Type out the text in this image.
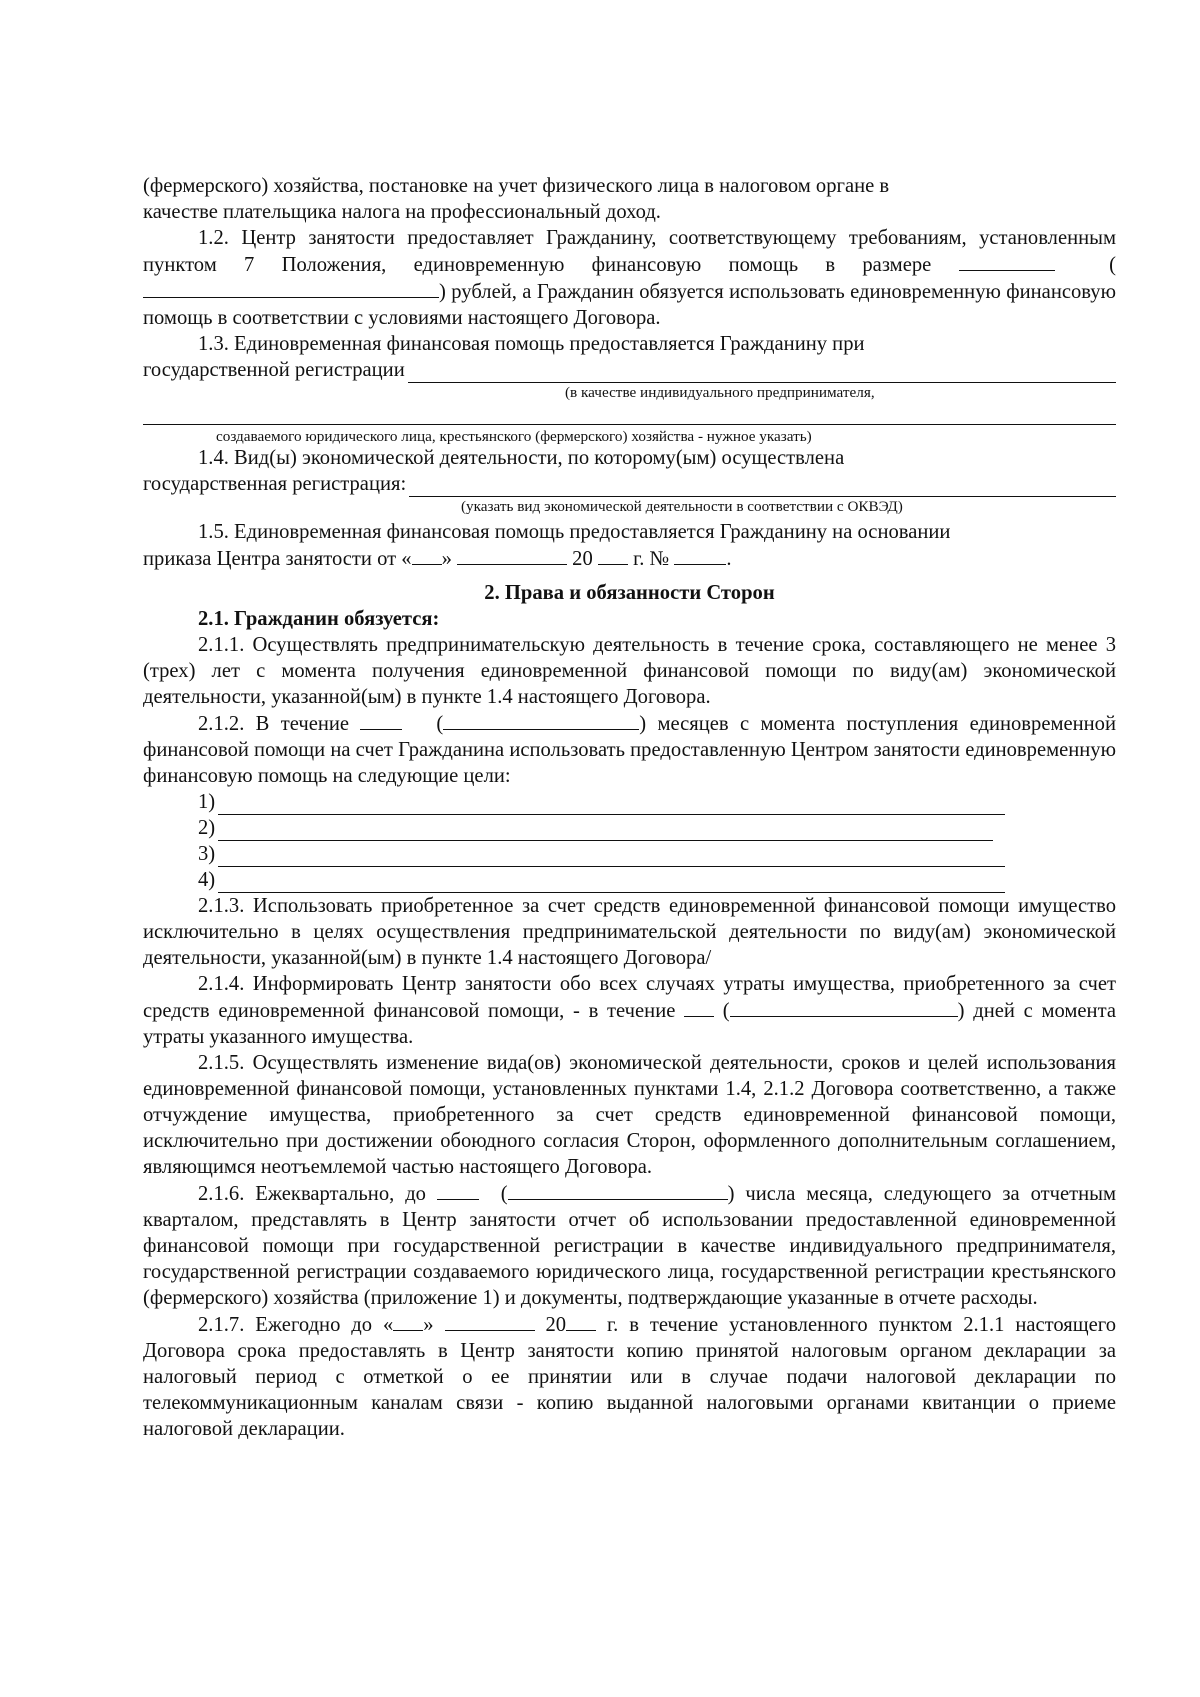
(фермерского) хозяйства, постановке на учет физического лица в налоговом органе в

качестве плательщика налога на профессиональный доход.

1.2. Центр занятости предоставляет Гражданину, соответствующему требованиям, установленным пунктом 7 Положения, единовременную финансовую помощь в размере	() рублей, а Гражданин обязуется использовать единовременную финансовую помощь в соответствии с условиями настоящего Договора.

1.3. Единовременная финансовая помощь предоставляется Гражданину при

государственной регистрации
(в качестве индивидуального предпринимателя,
создаваемого юридического лица, крестьянского (фермерского) хозяйства - нужное указать)

1.4. Вид(ы) экономической деятельности, по которому(ым) осуществлена

государственная регистрация:
(указать вид экономической деятельности в соответствии с ОКВЭД)

1.5. Единовременная финансовая помощь предоставляется Гражданину на основании

приказа Центра занятости от « »	20 г. №	.

2. Права и обязанности Сторон

2.1. Гражданин обязуется:

2.1.1. Осуществлять предпринимательскую деятельность в течение срока, составляющего не менее 3 (трех) лет с момента получения единовременной финансовой помощи по виду(ам) экономической деятельности, указанной(ым) в пункте 1.4 настоящего Договора.

2.1.2. В течение	(	) месяцев с момента поступления единовременной финансовой помощи на счет Гражданина использовать предоставленную Центром занятости единовременную финансовую помощь на следующие цели:

1)
2)
3)
4)

2.1.3. Использовать приобретенное за счет средств единовременной финансовой помощи имущество исключительно в целях осуществления предпринимательской деятельности по виду(ам) экономической деятельности, указанной(ым) в пункте 1.4 настоящего Договора/

2.1.4. Информировать Центр занятости обо всех случаях утраты имущества, приобретенного за счет средств единовременной финансовой помощи, - в течение (	) дней с момента утраты указанного имущества.

2.1.5. Осуществлять изменение вида(ов) экономической деятельности, сроков и целей использования единовременной финансовой помощи, установленных пунктами 1.4, 2.1.2 Договора соответственно, а также отчуждение имущества, приобретенного за счет средств единовременной финансовой помощи, исключительно при достижении обоюдного согласия Сторон, оформленного дополнительным соглашением, являющимся неотъемлемой частью настоящего Договора.

2.1.6. Ежеквартально, до	(	) числа месяца, следующего за отчетным кварталом, представлять в Центр занятости отчет об использовании предоставленной единовременной финансовой помощи при государственной регистрации в качестве индивидуального предпринимателя, государственной регистрации создаваемого юридического лица, государственной регистрации крестьянского (фермерского) хозяйства (приложение 1) и документы, подтверждающие указанные в отчете расходы.

2.1.7. Ежегодно до « »	20 г. в течение установленного пунктом 2.1.1 настоящего Договора срока предоставлять в Центр занятости копию принятой налоговым органом декларации за налоговый период с отметкой о ее принятии или в случае подачи налоговой декларации по телекоммуникационным каналам связи - копию выданной налоговыми органами квитанции о приеме налоговой декларации.
